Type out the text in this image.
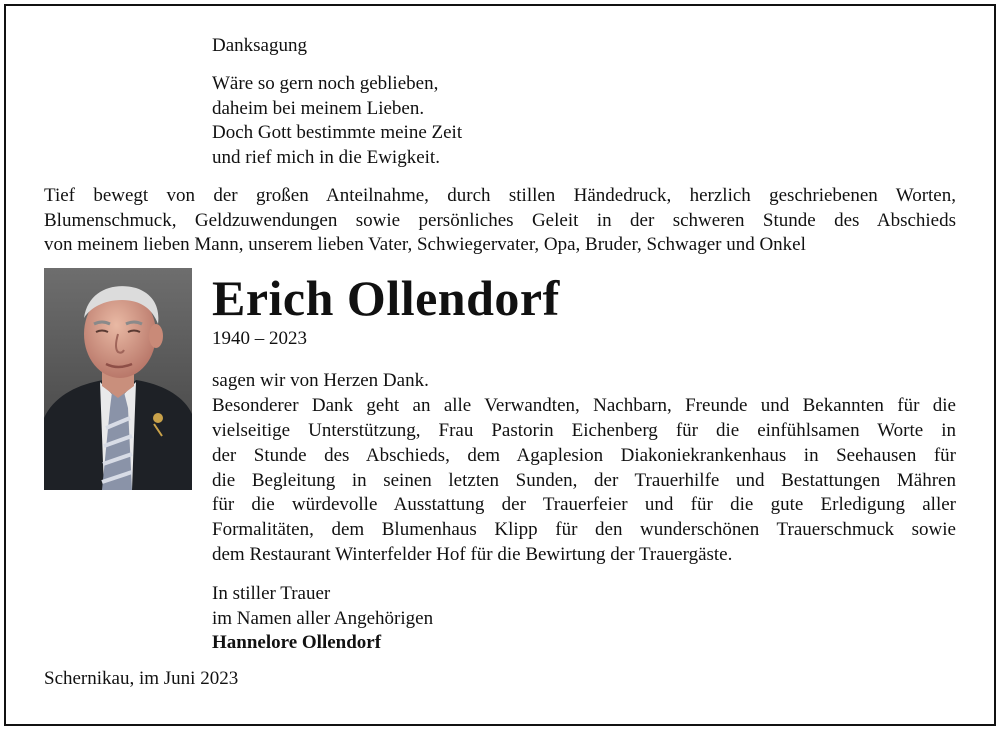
Danksagung

Wäre so gern noch geblieben,
daheim bei meinem Lieben.
Doch Gott bestimmte meine Zeit
und rief mich in die Ewigkeit.
Tief bewegt von der großen Anteilnahme, durch stillen Händedruck, herzlich geschriebenen Worten,
Blumenschmuck, Geldzuwendungen sowie persönliches Geleit in der schweren Stunde des Abschieds
von meinem lieben Mann, unserem lieben Vater, Schwiegervater, Opa, Bruder, Schwager und Onkel
Erich Ollendorf

1940 – 2023

sagen wir von Herzen Dank.
Besonderer Dank geht an alle Verwandten, Nachbarn, Freunde und Bekannten für die
vielseitige Unterstützung, Frau Pastorin Eichenberg für die einfühlsamen Worte in
der Stunde des Abschieds, dem Agaplesion Diakoniekrankenhaus in Seehausen für
die Begleitung in seinen letzten Sunden, der Trauerhilfe und Bestattungen Mähren
für die würdevolle Ausstattung der Trauerfeier und für die gute Erledigung aller
Formalitäten, dem Blumenhaus Klipp für den wunderschönen Trauerschmuck sowie
dem Restaurant Winterfelder Hof für die Bewirtung der Trauergäste.
In stiller Trauer
im Namen aller Angehörigen
Hannelore Ollendorf

Schernikau, im Juni 2023
